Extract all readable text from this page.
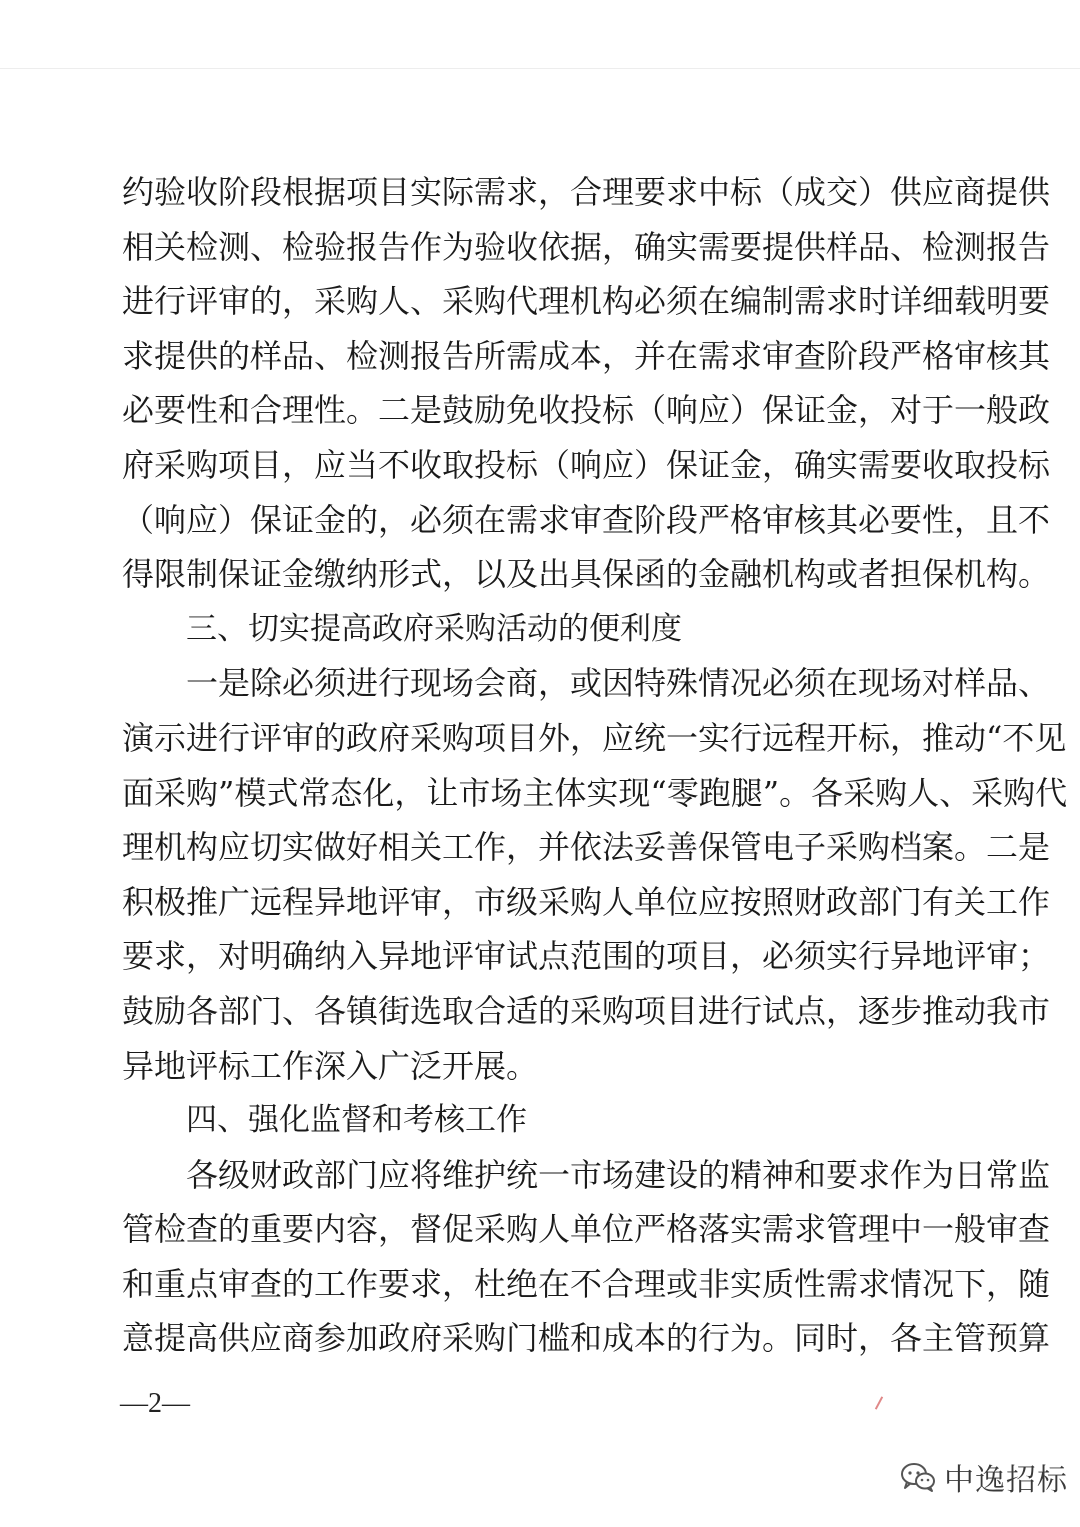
约验收阶段根据项目实际需求，合理要求中标（成交）供应商提供
相关检测、检验报告作为验收依据，确实需要提供样品、检测报告
进行评审的，采购人、采购代理机构必须在编制需求时详细载明要
求提供的样品、检测报告所需成本，并在需求审查阶段严格审核其
必要性和合理性。二是鼓励免收投标（响应）保证金，对于一般政
府采购项目，应当不收取投标（响应）保证金，确实需要收取投标
（响应）保证金的，必须在需求审查阶段严格审核其必要性，且不
得限制保证金缴纳形式，以及出具保函的金融机构或者担保机构。
三、切实提高政府采购活动的便利度
一是除必须进行现场会商，或因特殊情况必须在现场对样品、
演示进行评审的政府采购项目外，应统一实行远程开标，推动“不见
面采购”模式常态化，让市场主体实现“零跑腿”。各采购人、采购代
理机构应切实做好相关工作，并依法妥善保管电子采购档案。二是
积极推广远程异地评审，市级采购人单位应按照财政部门有关工作
要求，对明确纳入异地评审试点范围的项目，必须实行异地评审；
鼓励各部门、各镇街选取合适的采购项目进行试点，逐步推动我市
异地评标工作深入广泛开展。
四、强化监督和考核工作
各级财政部门应将维护统一市场建设的精神和要求作为日常监
管检查的重要内容，督促采购人单位严格落实需求管理中一般审查
和重点审查的工作要求，杜绝在不合理或非实质性需求情况下，随
意提高供应商参加政府采购门槛和成本的行为。同时，各主管预算
—2—
中逸招标
